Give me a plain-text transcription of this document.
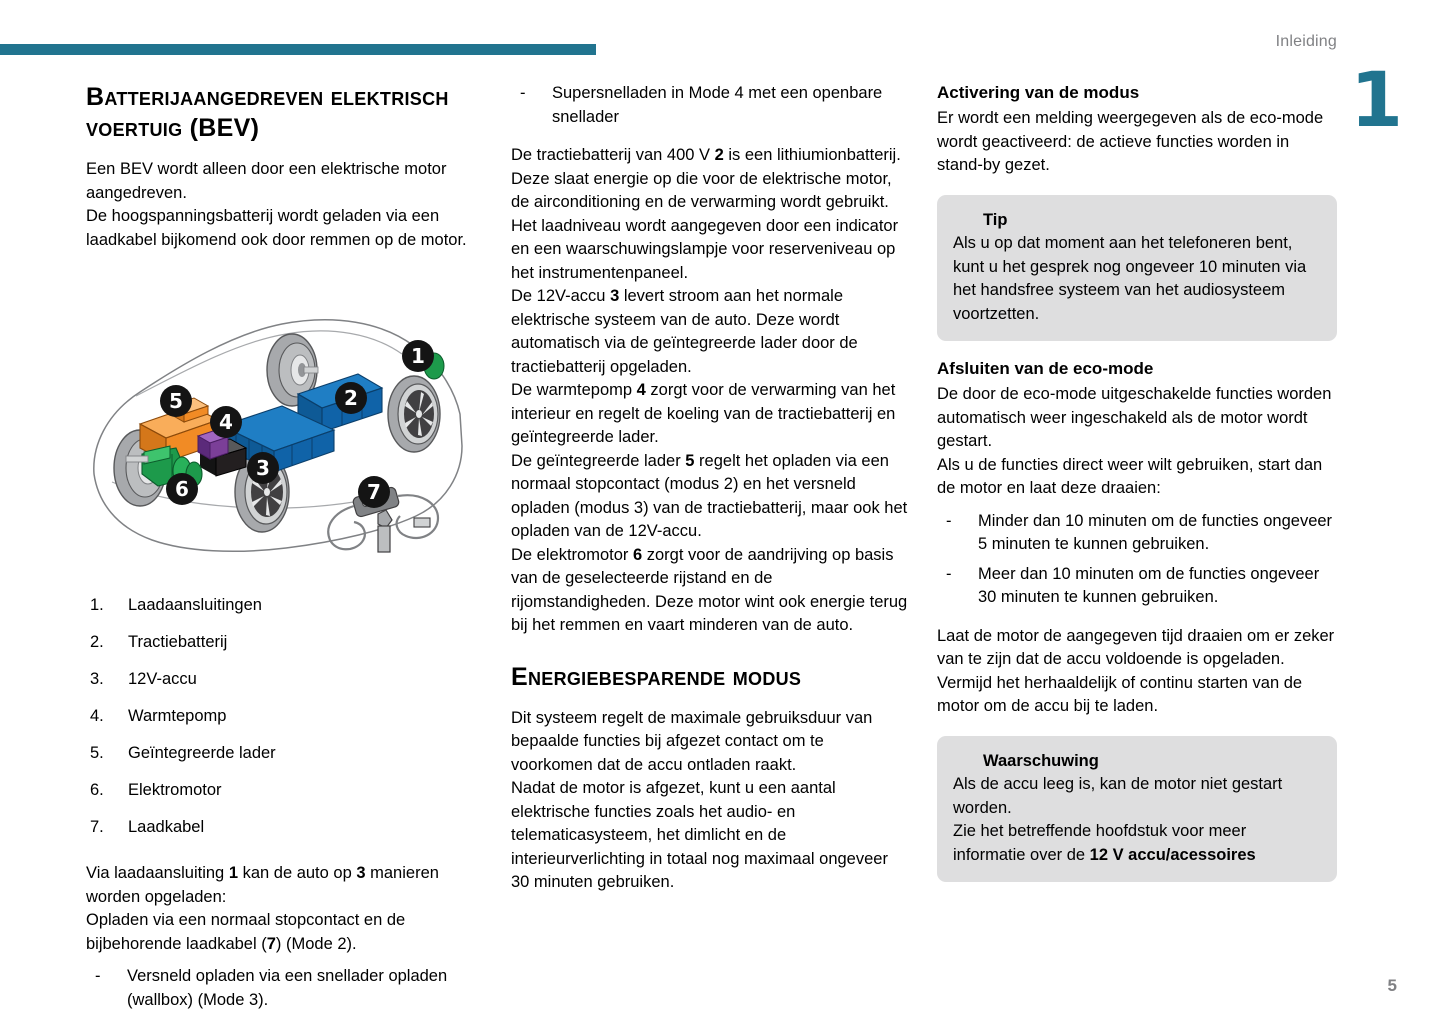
Inleiding
1
5
Batterijaangedreven elektrisch voertuig (BEV)

Een BEV wordt alleen door een elektrische motor aangedreven.

De hoogspanningsbatterij wordt geladen via een laadkabel bijkomend ook door remmen op de motor.

1
2
3
4
5
6	7
1. Laadaansluitingen
2. Tractiebatterij
3. 12V-accu
4. Warmtepomp
5. Geïntegreerde lader
6. Elektromotor
7. Laadkabel

Via laadaansluiting 1 kan de auto op 3 manieren worden opgeladen:

Opladen via een normaal stopcontact en de bijbehorende laadkabel (7) (Mode 2).

- Versneld opladen via een snellader opladen (wallbox) (Mode 3).
- Supersnelladen in Mode 4 met een openbare snellader

De tractiebatterij van 400 V 2 is een lithiumionbatterij. Deze slaat energie op die voor de elektrische motor, de airconditioning en de verwarming wordt gebruikt. Het laadniveau wordt aangegeven door een indicator en een waarschuwingslampje voor reserveniveau op het instrumentenpaneel.

De 12V-accu 3 levert stroom aan het normale elektrische systeem van de auto. Deze wordt automatisch via de geïntegreerde lader door de tractiebatterij opgeladen.

De warmtepomp 4 zorgt voor de verwarming van het interieur en regelt de koeling van de tractiebatterij en geïntegreerde lader.

De geïntegreerde lader 5 regelt het opladen via een normaal stopcontact (modus 2) en het versneld opladen (modus 3) van de tractiebatterij, maar ook het opladen van de 12V-accu.

De elektromotor 6 zorgt voor de aandrijving op basis van de geselecteerde rijstand en de rijomstandigheden. Deze motor wint ook energie terug bij het remmen en vaart minderen van de auto.

Energiebesparende modus

Dit systeem regelt de maximale gebruiksduur van bepaalde functies bij afgezet contact om te voorkomen dat de accu ontladen raakt.

Nadat de motor is afgezet, kunt u een aantal elektrische functies zoals het audio- en telematicasysteem, het dimlicht en de interieurverlichting in totaal nog maximaal ongeveer 30 minuten gebruiken.

Activering van de modus

Er wordt een melding weergegeven als de eco-mode wordt geactiveerd: de actieve functies worden in stand-by gezet.

Tip
Als u op dat moment aan het telefoneren bent, kunt u het gesprek nog ongeveer 10 minuten via het handsfree systeem van het audiosysteem voortzetten.

Afsluiten van de eco-mode

De door de eco-mode uitgeschakelde functies worden automatisch weer ingeschakeld als de motor wordt gestart.

Als u de functies direct weer wilt gebruiken, start dan de motor en laat deze draaien:

- Minder dan 10 minuten om de functies ongeveer 5 minuten te kunnen gebruiken.
- Meer dan 10 minuten om de functies ongeveer 30 minuten te kunnen gebruiken.

Laat de motor de aangegeven tijd draaien om er zeker van te zijn dat de accu voldoende is opgeladen.

Vermijd het herhaaldelijk of continu starten van de motor om de accu bij te laden.

Waarschuwing
Als de accu leeg is, kan de motor niet gestart worden.
Zie het betreffende hoofdstuk voor meer informatie over de 12 V accu/acessoires
